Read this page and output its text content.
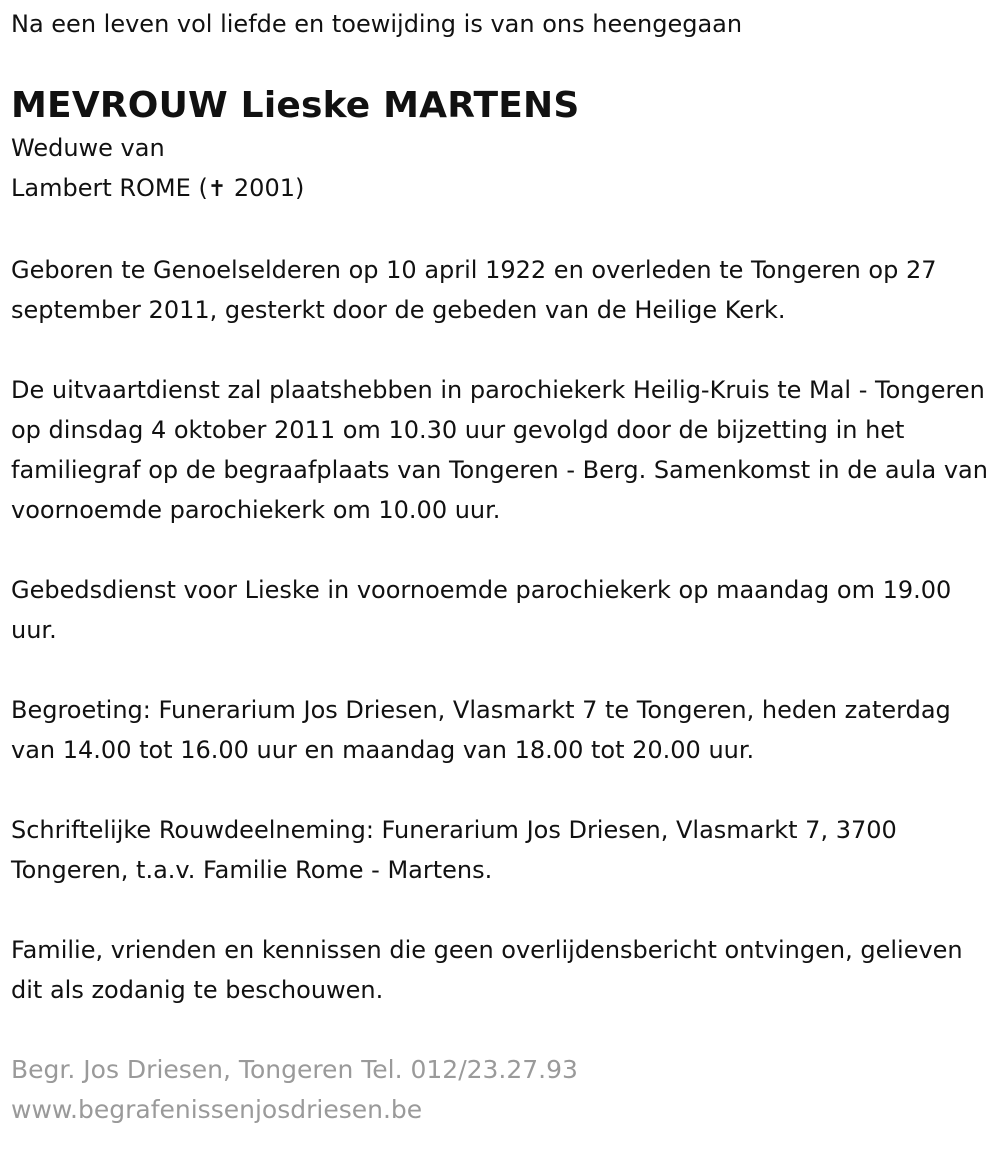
Na een leven vol liefde en toewijding is van ons heengegaan

MEVROUW Lieske MARTENS
Weduwe van
Lambert ROME (✝ 2001)

Geboren te Genoelselderen op 10 april 1922 en overleden te Tongeren op 27 september 2011, gesterkt door de gebeden van de Heilige Kerk.

De uitvaartdienst zal plaatshebben in parochiekerk Heilig-Kruis te Mal - Tongeren op dinsdag 4 oktober 2011 om 10.30 uur gevolgd door de bijzetting in het familiegraf op de begraafplaats van Tongeren - Berg. Samenkomst in de aula van voornoemde parochiekerk om 10.00 uur.

Gebedsdienst voor Lieske in voornoemde parochiekerk op maandag om 19.00 uur.

Begroeting: Funerarium Jos Driesen, Vlasmarkt 7 te Tongeren, heden zaterdag van 14.00 tot 16.00 uur en maandag van 18.00 tot 20.00 uur.

Schriftelijke Rouwdeelneming: Funerarium Jos Driesen, Vlasmarkt 7, 3700 Tongeren, t.a.v. Familie Rome - Martens.

Familie, vrienden en kennissen die geen overlijdensbericht ontvingen, gelieven dit als zodanig te beschouwen.

Begr. Jos Driesen, Tongeren Tel. 012/23.27.93
www.begrafenissenjosdriesen.be
